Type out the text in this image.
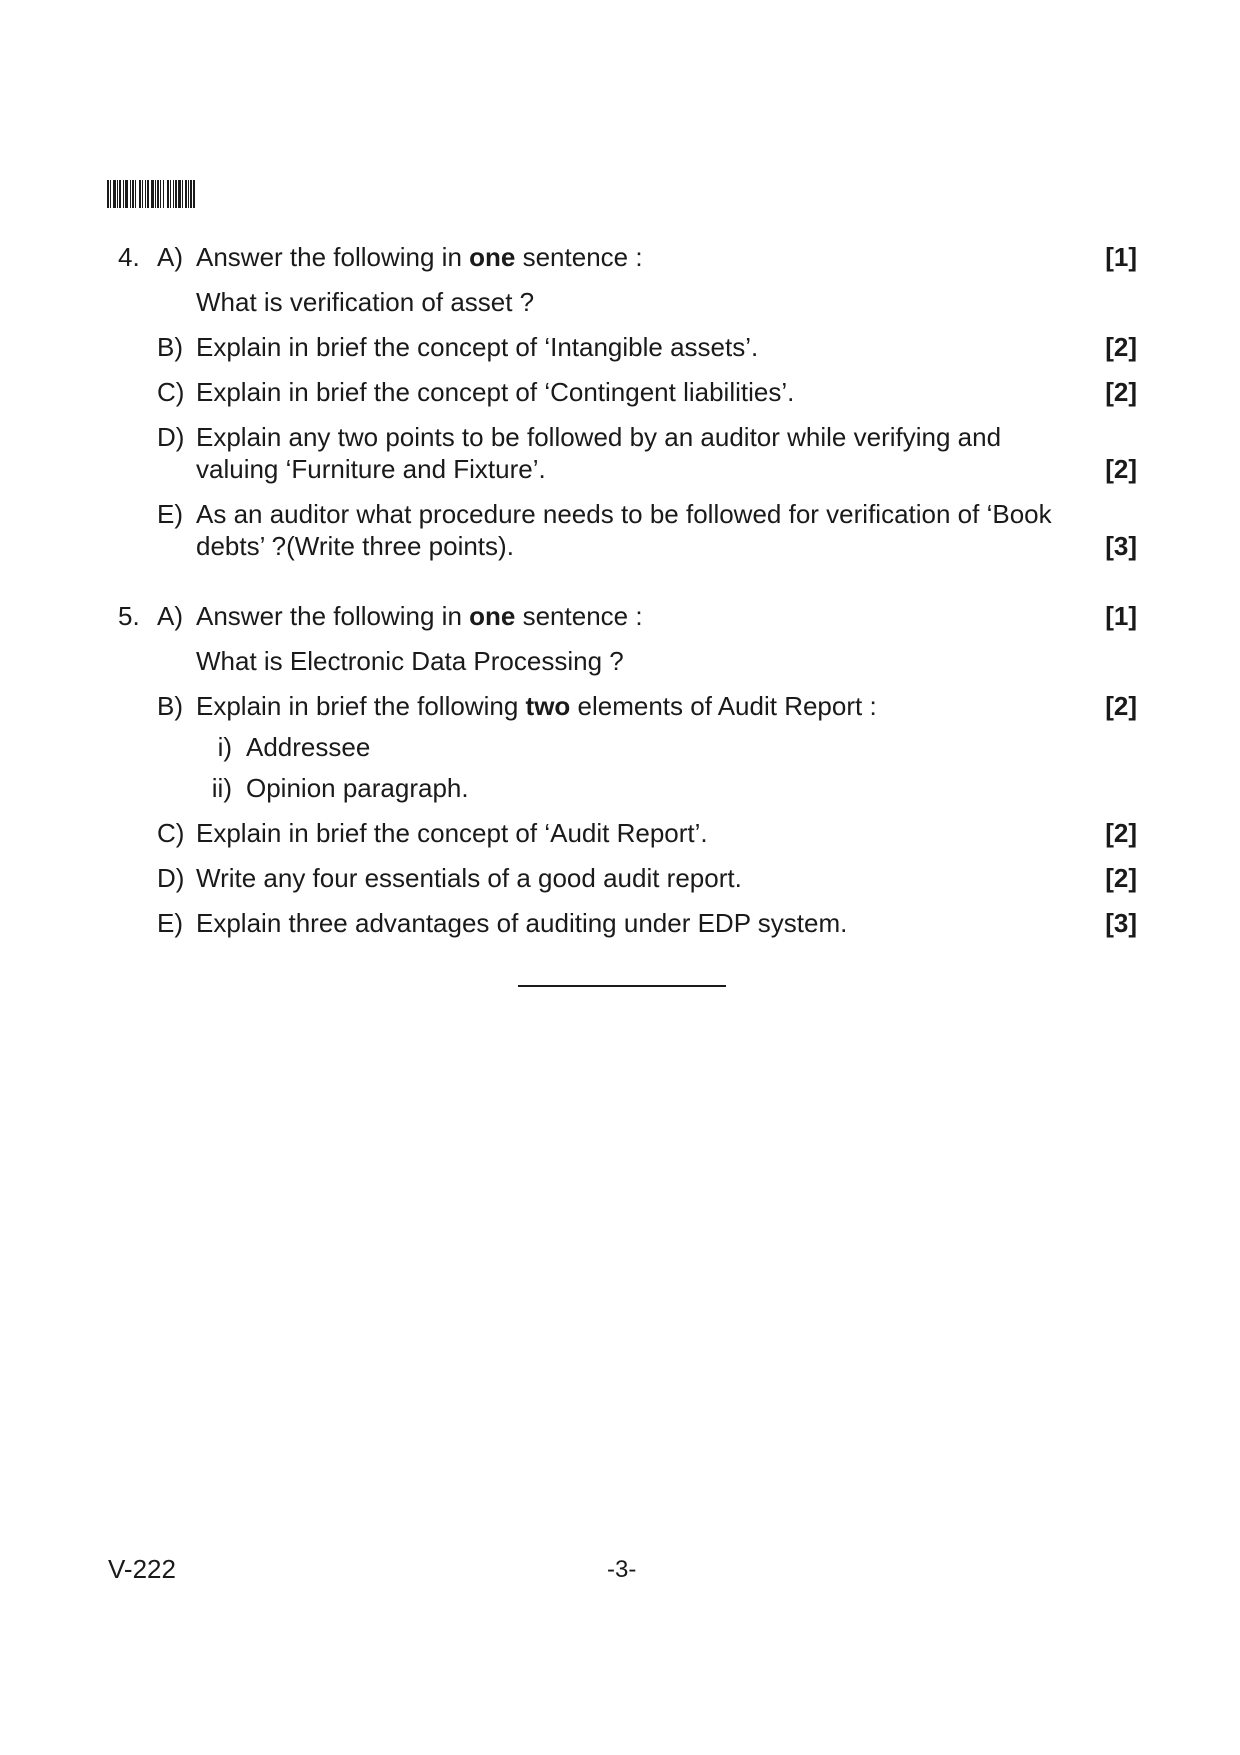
4. A) Answer the following in one sentence :	[1]
What is verification of asset ?
B) Explain in brief the concept of ‘Intangible assets’.	[2]
C) Explain in brief the concept of ‘Contingent liabilities’.	[2]
D) Explain any two points to be followed by an auditor while verifying and
valuing ‘Furniture and Fixture’.	[2]
E) As an auditor what procedure needs to be followed for verification of ‘Book
debts’ ?(Write three points).	[3]
5. A) Answer the following in one sentence :	[1]
What is Electronic Data Processing ?
B) Explain in brief the following two elements of Audit Report :	[2]
i) Addressee
ii) Opinion paragraph.
C) Explain in brief the concept of ‘Audit Report’.	[2]
D) Write any four essentials of a good audit report.	[2]
E) Explain three advantages of auditing under EDP system.	[3]
V-222	-3-
